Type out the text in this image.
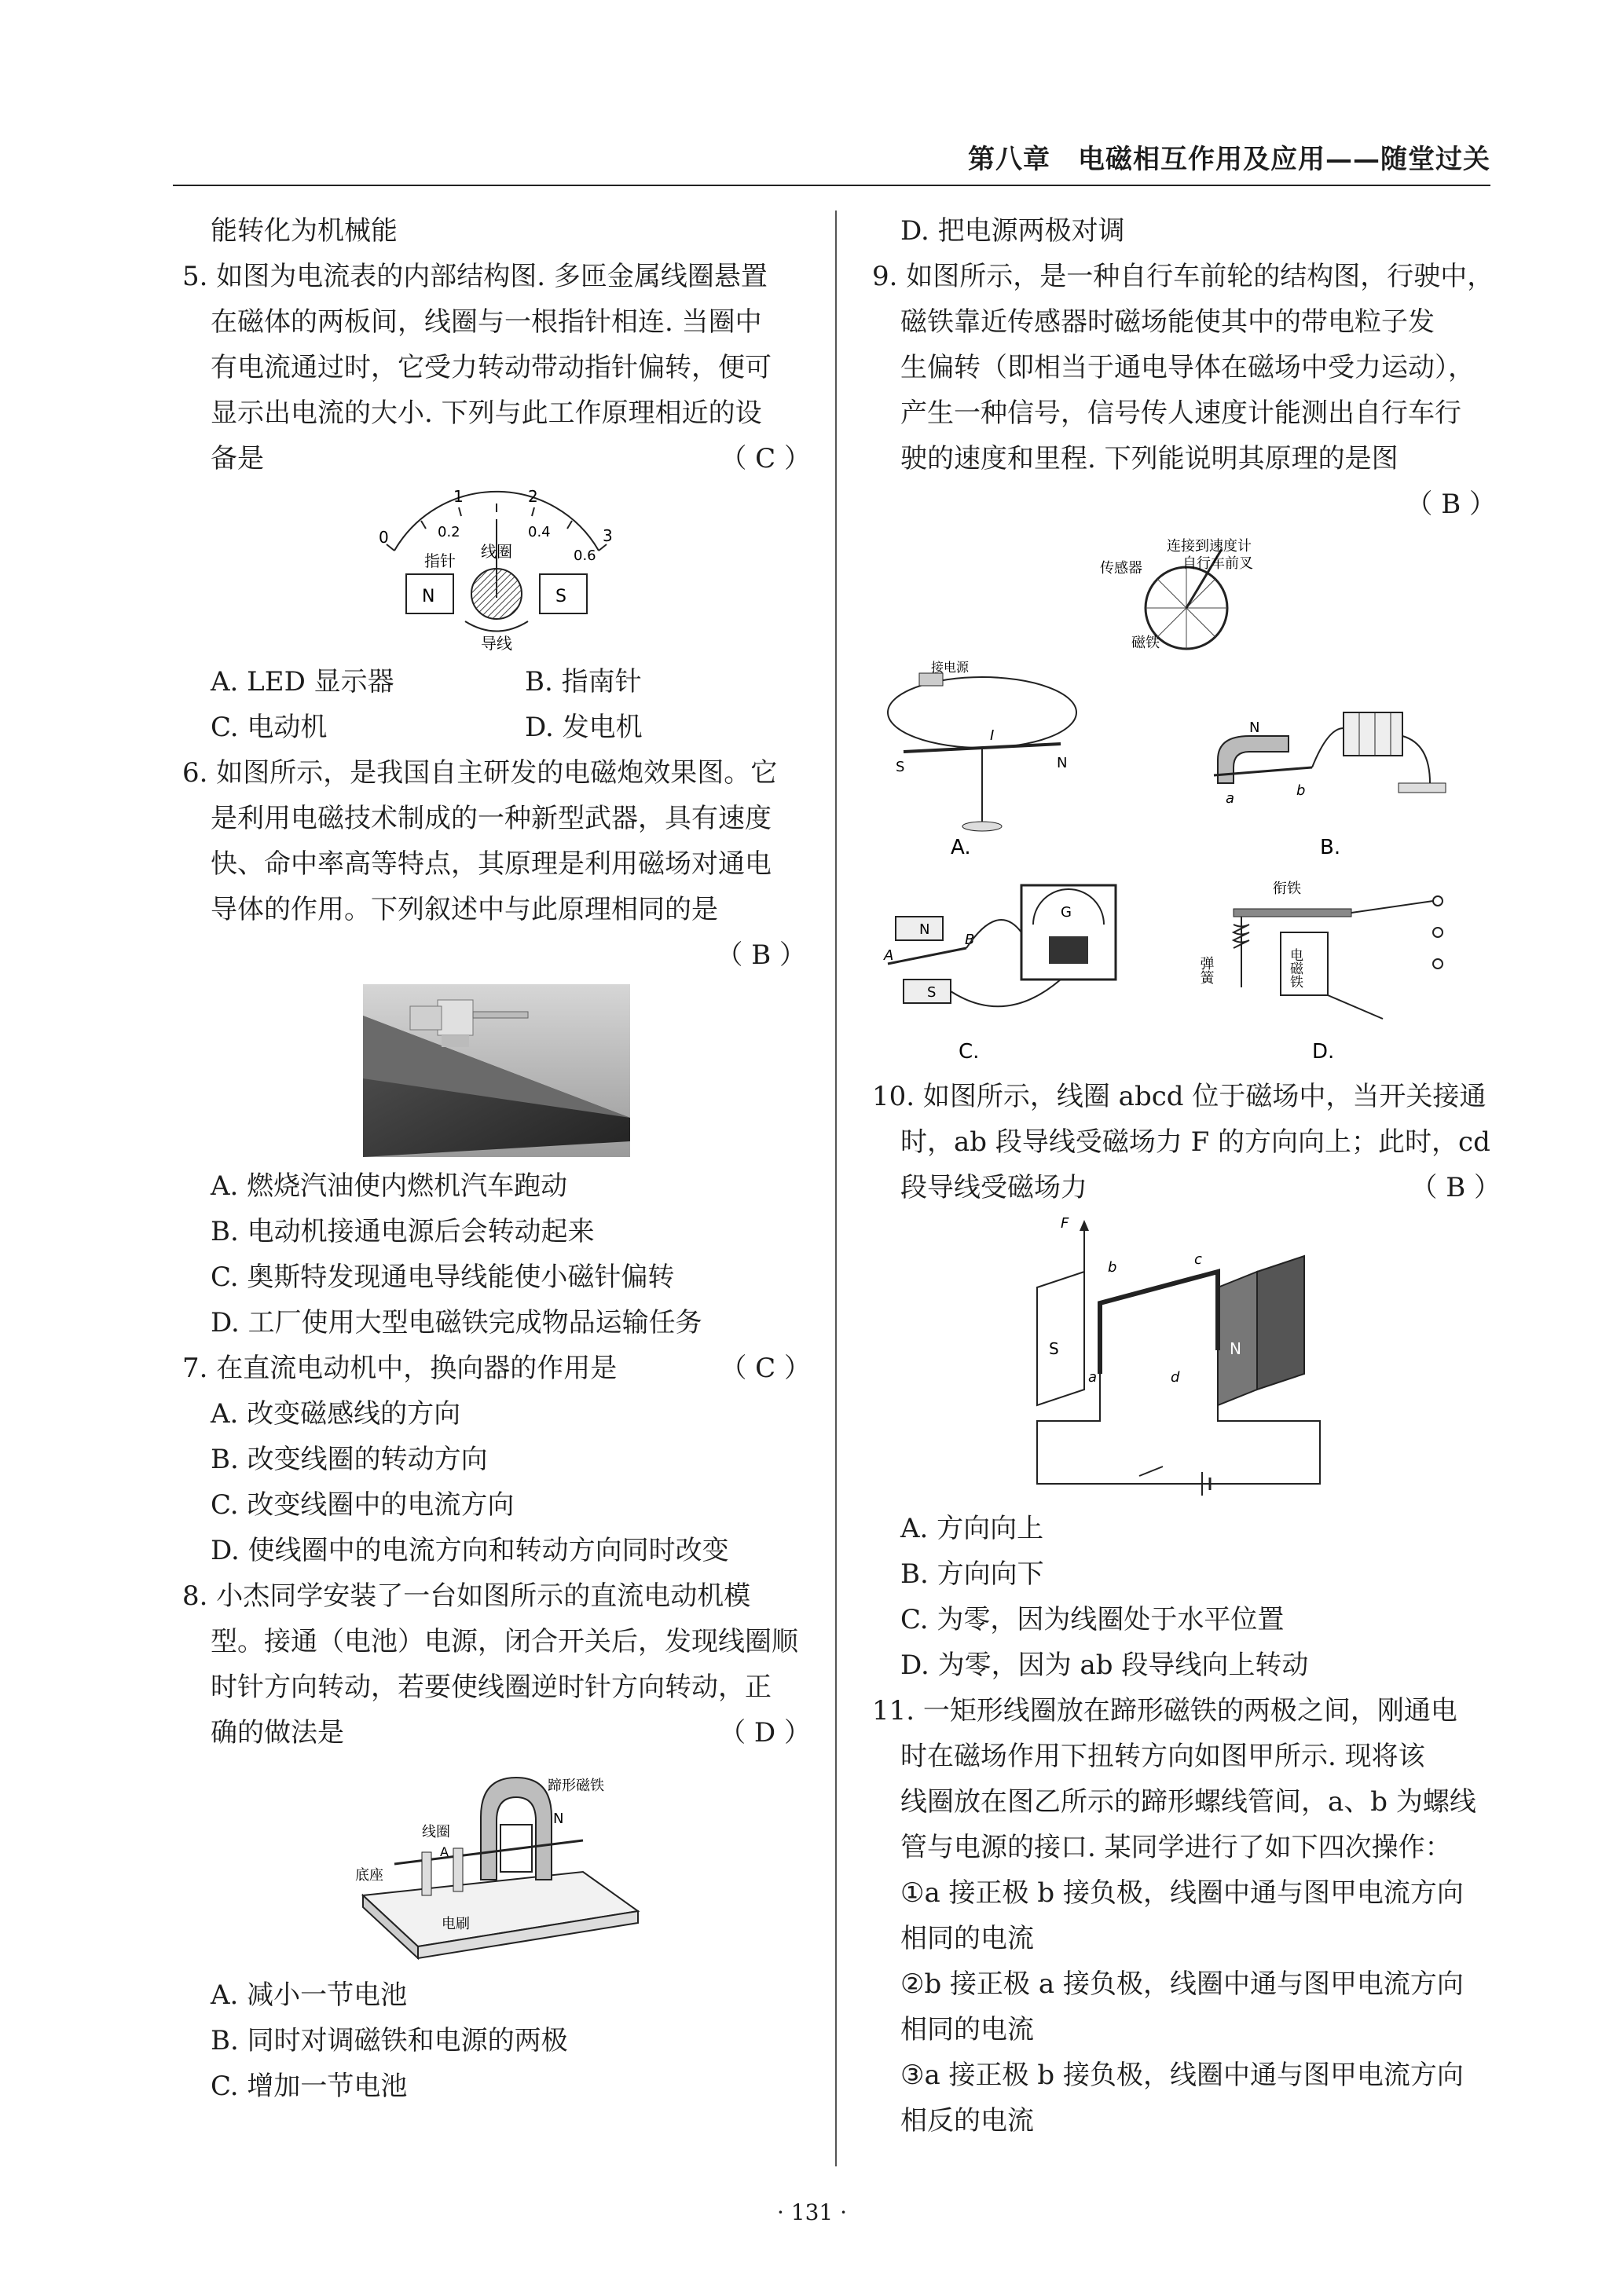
第八章　电磁相互作用及应用——随堂过关
能转化为机械能
5. 如图为电流表的内部结构图. 多匝金属线圈悬置
在磁体的两板间，线圈与一根指针相连. 当圈中
有电流通过时，它受力转动带动指针偏转，便可
显示出电流的大小. 下列与此工作原理相近的设
备是	（ C ）
0
1	2
3
0.2	0.4
0.6
指针 线圈
N	S
导线
A. LED 显示器	B. 指南针
C. 电动机	D. 发电机
6. 如图所示，是我国自主研发的电磁炮效果图。它
是利用电磁技术制成的一种新型武器，具有速度
快、命中率高等特点，其原理是利用磁场对通电
导体的作用。下列叙述中与此原理相同的是
（ B ）
A. 燃烧汽油使内燃机汽车跑动
B. 电动机接通电源后会转动起来
C. 奥斯特发现通电导线能使小磁针偏转
D. 工厂使用大型电磁铁完成物品运输任务
7. 在直流电动机中，换向器的作用是	（ C ）
A. 改变磁感线的方向
B. 改变线圈的转动方向
C. 改变线圈中的电流方向
D. 使线圈中的电流方向和转动方向同时改变
8. 小杰同学安装了一台如图所示的直流电动机模
型。接通（电池）电源，闭合开关后，发现线圈顺
时针方向转动，若要使线圈逆时针方向转动，正
确的做法是	（ D ）
蹄形磁铁
N
线圈
A
底座
电刷
A. 减小一节电池
B. 同时对调磁铁和电源的两极
C. 增加一节电池
D. 把电源两极对调
9. 如图所示，是一种自行车前轮的结构图，行驶中，
磁铁靠近传感器时磁场能使其中的带电粒子发
生偏转（即相当于通电导体在磁场中受力运动），
产生一种信号，信号传人速度计能测出自行车行
驶的速度和里程. 下列能说明其原理的是图
（ B ）
传感器
连接到速度计
自行车前叉
磁铁
接电源
S	N
I
A.
N
a	b
B.
N
S
A
B
G
C.
衔铁
弹簧	电磁铁
D.
10. 如图所示，线圈 abcd 位于磁场中，当开关接通
时，ab 段导线受磁场力 F 的方向向上；此时，cd
段导线受磁场力	（ B ）
F
S	N
b	c
a	d
A. 方向向上
B. 方向向下
C. 为零，因为线圈处于水平位置
D. 为零，因为 ab 段导线向上转动
11. 一矩形线圈放在蹄形磁铁的两极之间，刚通电
时在磁场作用下扭转方向如图甲所示. 现将该
线圈放在图乙所示的蹄形螺线管间，a、b 为螺线
管与电源的接口. 某同学进行了如下四次操作：
①a 接正极 b 接负极，线圈中通与图甲电流方向
相同的电流
②b 接正极 a 接负极，线圈中通与图甲电流方向
相同的电流
③a 接正极 b 接负极，线圈中通与图甲电流方向
相反的电流
· 131 ·
